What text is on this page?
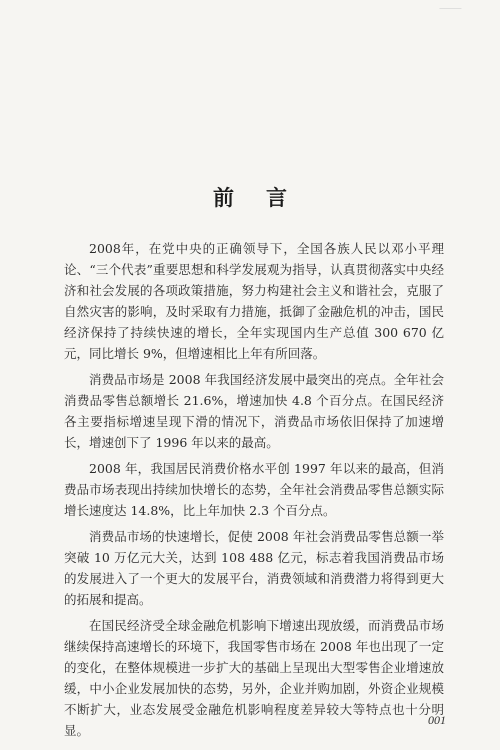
前 言

2008年，在党中央的正确领导下，全国各族人民以邓小平理论、“三个代表”重要思想和科学发展观为指导，认真贯彻落实中央经济和社会发展的各项政策措施，努力构建社会主义和谐社会，克服了自然灾害的影响，及时采取有力措施，抵御了金融危机的冲击，国民经济保持了持续快速的增长，全年实现国内生产总值 300 670 亿元，同比增长 9%，但增速相比上年有所回落。

消费品市场是 2008 年我国经济发展中最突出的亮点。全年社会消费品零售总额增长 21.6%，增速加快 4.8 个百分点。在国民经济各主要指标增速呈现下滑的情况下，消费品市场依旧保持了加速增长，增速创下了 1996 年以来的最高。

2008 年，我国居民消费价格水平创 1997 年以来的最高，但消费品市场表现出持续加快增长的态势，全年社会消费品零售总额实际增长速度达 14.8%，比上年加快 2.3 个百分点。

消费品市场的快速增长，促使 2008 年社会消费品零售总额一举突破 10 万亿元大关，达到 108 488 亿元，标志着我国消费品市场的发展进入了一个更大的发展平台，消费领域和消费潜力将得到更大的拓展和提高。

在国民经济受全球金融危机影响下增速出现放缓，而消费品市场继续保持高速增长的环境下，我国零售市场在 2008 年也出现了一定的变化，在整体规模进一步扩大的基础上呈现出大型零售企业增速放缓，中小企业发展加快的态势，另外，企业并购加剧，外资企业规模不断扩大，业态发展受金融危机影响程度差异较大等特点也十分明显。

001
